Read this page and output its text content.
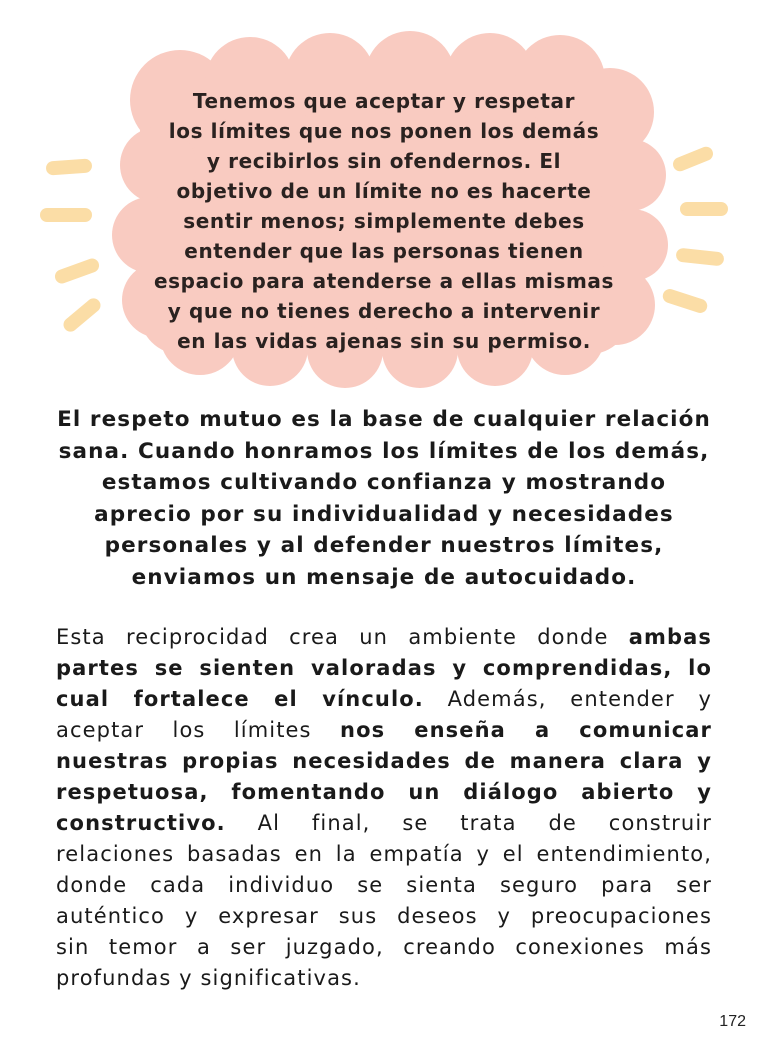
Tenemos que aceptar y respetar
los límites que nos ponen los demás
y recibirlos sin ofendernos. El
objetivo de un límite no es hacerte
sentir menos; simplemente debes
entender que las personas tienen
espacio para atenderse a ellas mismas
y que no tienes derecho a intervenir
en las vidas ajenas sin su permiso.
El respeto mutuo es la base de cualquier relación
sana. Cuando honramos los límites de los demás,
estamos cultivando confianza y mostrando
aprecio por su individualidad y necesidades
personales y al defender nuestros límites,
enviamos un mensaje de autocuidado.
Esta reciprocidad crea un ambiente donde ambas
partes se sienten valoradas y comprendidas, lo
cual fortalece el vínculo. Además, entender y
aceptar los límites nos enseña a comunicar
nuestras propias necesidades de manera clara y
respetuosa, fomentando un diálogo abierto y
constructivo. Al final, se trata de construir
relaciones basadas en la empatía y el entendimiento,
donde cada individuo se sienta seguro para ser
auténtico y expresar sus deseos y preocupaciones
sin temor a ser juzgado, creando conexiones más
profundas y significativas.
172
